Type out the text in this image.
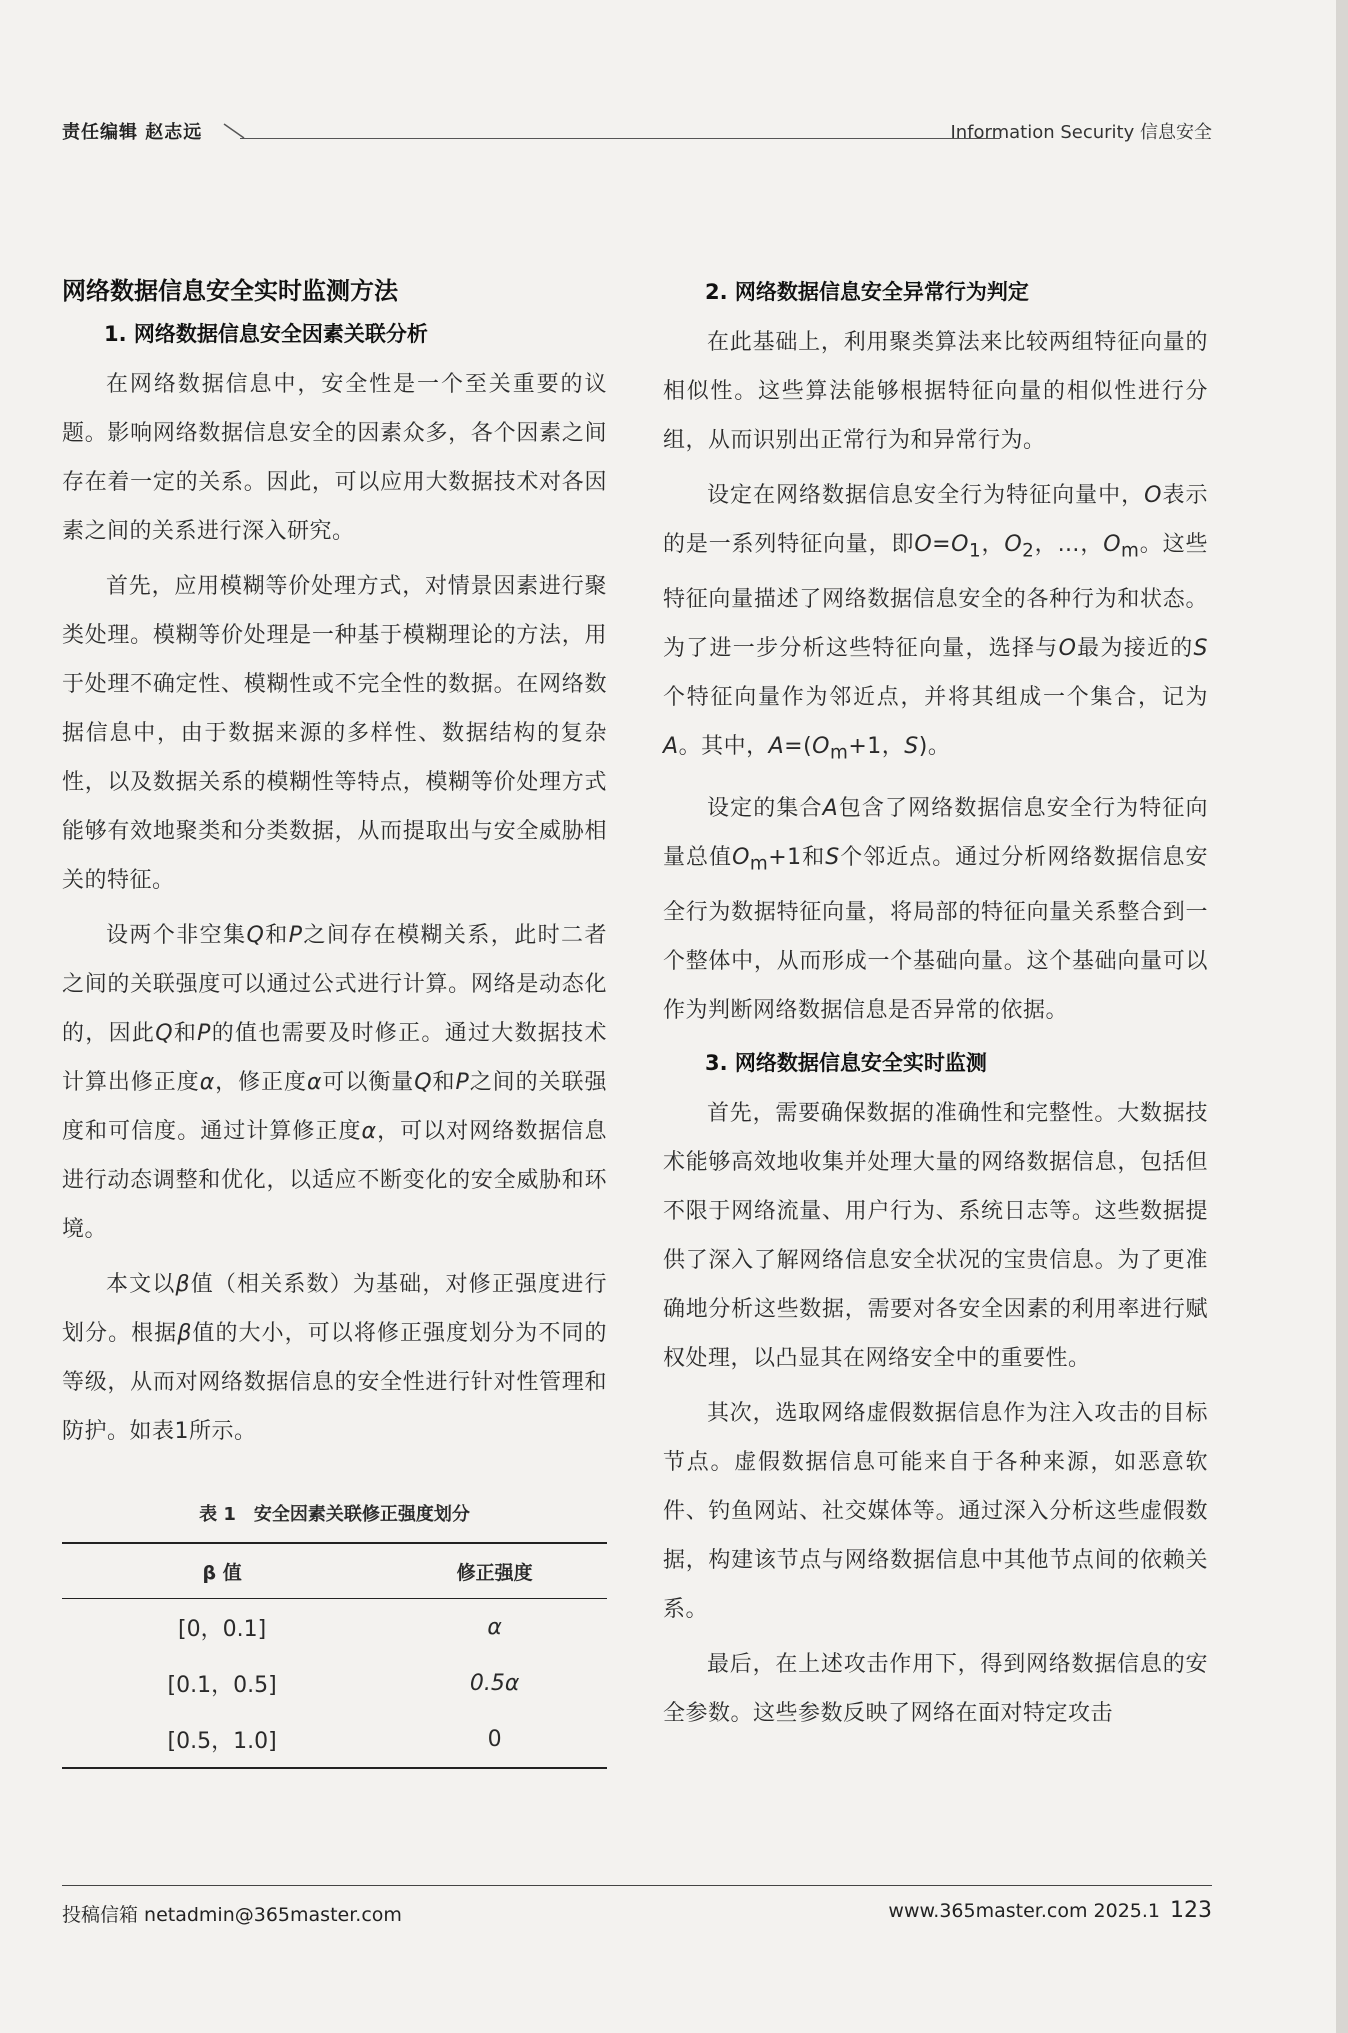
责任编辑 赵志远	Information Security 信息安全
网络数据信息安全实时监测方法
1. 网络数据信息安全因素关联分析

在网络数据信息中，安全性是一个至关重要的议题。影响网络数据信息安全的因素众多，各个因素之间存在着一定的关系。因此，可以应用大数据技术对各因素之间的关系进行深入研究。

首先，应用模糊等价处理方式，对情景因素进行聚类处理。模糊等价处理是一种基于模糊理论的方法，用于处理不确定性、模糊性或不完全性的数据。在网络数据信息中，由于数据来源的多样性、数据结构的复杂性，以及数据关系的模糊性等特点，模糊等价处理方式能够有效地聚类和分类数据，从而提取出与安全威胁相关的特征。

设两个非空集Q和P之间存在模糊关系，此时二者之间的关联强度可以通过公式进行计算。网络是动态化的，因此Q和P的值也需要及时修正。通过大数据技术计算出修正度α，修正度α可以衡量Q和P之间的关联强度和可信度。通过计算修正度α，可以对网络数据信息进行动态调整和优化，以适应不断变化的安全威胁和环境。

本文以β值（相关系数）为基础，对修正强度进行划分。根据β值的大小，可以将修正强度划分为不同的等级，从而对网络数据信息的安全性进行针对性管理和防护。如表1所示。

表 1　安全因素关联修正强度划分
β 值	修正强度
[0，0.1]	α
[0.1，0.5]	0.5α
[0.5，1.0]	0
2. 网络数据信息安全异常行为判定

在此基础上，利用聚类算法来比较两组特征向量的相似性。这些算法能够根据特征向量的相似性进行分组，从而识别出正常行为和异常行为。

设定在网络数据信息安全行为特征向量中，O表示的是一系列特征向量，即$O=O_1$，$O_2$，…，$O_m$。这些特征向量描述了网络数据信息安全的各种行为和状态。为了进一步分析这些特征向量，选择与O最为接近的S个特征向量作为邻近点，并将其组成一个集合，记为A。其中，$A=(O_m+1$，S)。

设定的集合A包含了网络数据信息安全行为特征向量总值$O_m+1$和S个邻近点。通过分析网络数据信息安全行为数据特征向量，将局部的特征向量关系整合到一个整体中，从而形成一个基础向量。这个基础向量可以作为判断网络数据信息是否异常的依据。

3. 网络数据信息安全实时监测

首先，需要确保数据的准确性和完整性。大数据技术能够高效地收集并处理大量的网络数据信息，包括但不限于网络流量、用户行为、系统日志等。这些数据提供了深入了解网络信息安全状况的宝贵信息。为了更准确地分析这些数据，需要对各安全因素的利用率进行赋权处理，以凸显其在网络安全中的重要性。

其次，选取网络虚假数据信息作为注入攻击的目标节点。虚假数据信息可能来自于各种来源，如恶意软件、钓鱼网站、社交媒体等。通过深入分析这些虚假数据，构建该节点与网络数据信息中其他节点间的依赖关系。

最后，在上述攻击作用下，得到网络数据信息的安全参数。这些参数反映了网络在面对特定攻击

投稿信箱 netadmin@365master.com	www.365master.com 2025.1 123
